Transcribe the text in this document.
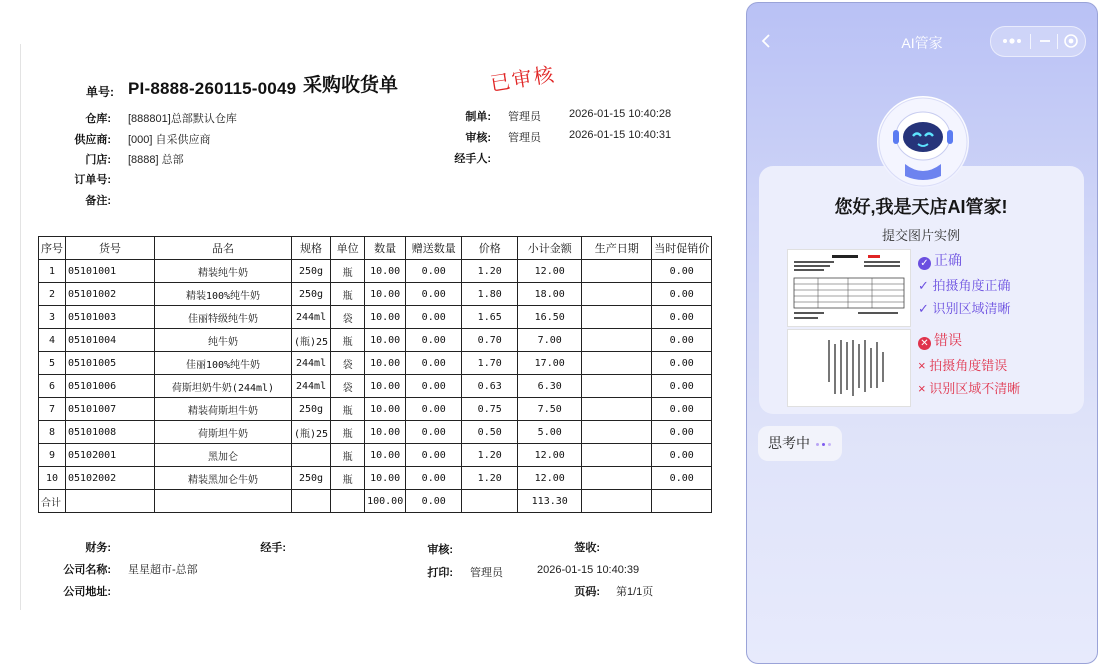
单号: PI-8888-260115-0049 采购收货单	已审核
仓库: [888801]总部默认仓库
供应商: [000] 自采供应商
门店: [8888] 总部
订单号:
备注:
制单: 管理员	2026-01-15 10:40:28
审核: 管理员	2026-01-15 10:40:31
经手人:
序号	货号	品名	规格	单位	数量	赠送数量	价格	小计金额	生产日期	当时促销价
1	05101001	精装纯牛奶	250g	瓶	10.00	0.00	1.20	12.00		0.00
2	05101002	精装100%纯牛奶	250g	瓶	10.00	0.00	1.80	18.00		0.00
3	05101003	佳丽特级纯牛奶	244ml	袋	10.00	0.00	1.65	16.50		0.00
4	05101004	纯牛奶	(瓶)25	瓶	10.00	0.00	0.70	7.00		0.00
5	05101005	佳丽100%纯牛奶	244ml	袋	10.00	0.00	1.70	17.00		0.00
6	05101006	荷斯坦奶牛奶(244ml)	244ml	袋	10.00	0.00	0.63	6.30		0.00
7	05101007	精装荷斯坦牛奶	250g	瓶	10.00	0.00	0.75	7.50		0.00
8	05101008	荷斯坦牛奶	(瓶)25	瓶	10.00	0.00	0.50	5.00		0.00
9	05102001	黑加仑		瓶	10.00	0.00	1.20	12.00		0.00
10	05102002	精装黑加仑牛奶	250g	瓶	10.00	0.00	1.20	12.00		0.00
合计					100.00	0.00		113.30		
财务:	经手:	审核:	签收:
公司名称: 星星超市-总部	打印: 管理员	2026-01-15 10:40:39
公司地址:	页码: 第1/1页
AI管家
您好,我是天店AI管家!
提交图片实例
✓ 正确
✓ 拍摄角度正确
✓ 识别区域清晰
✕ 错误
× 拍摄角度错误
× 识别区域不清晰
思考中
